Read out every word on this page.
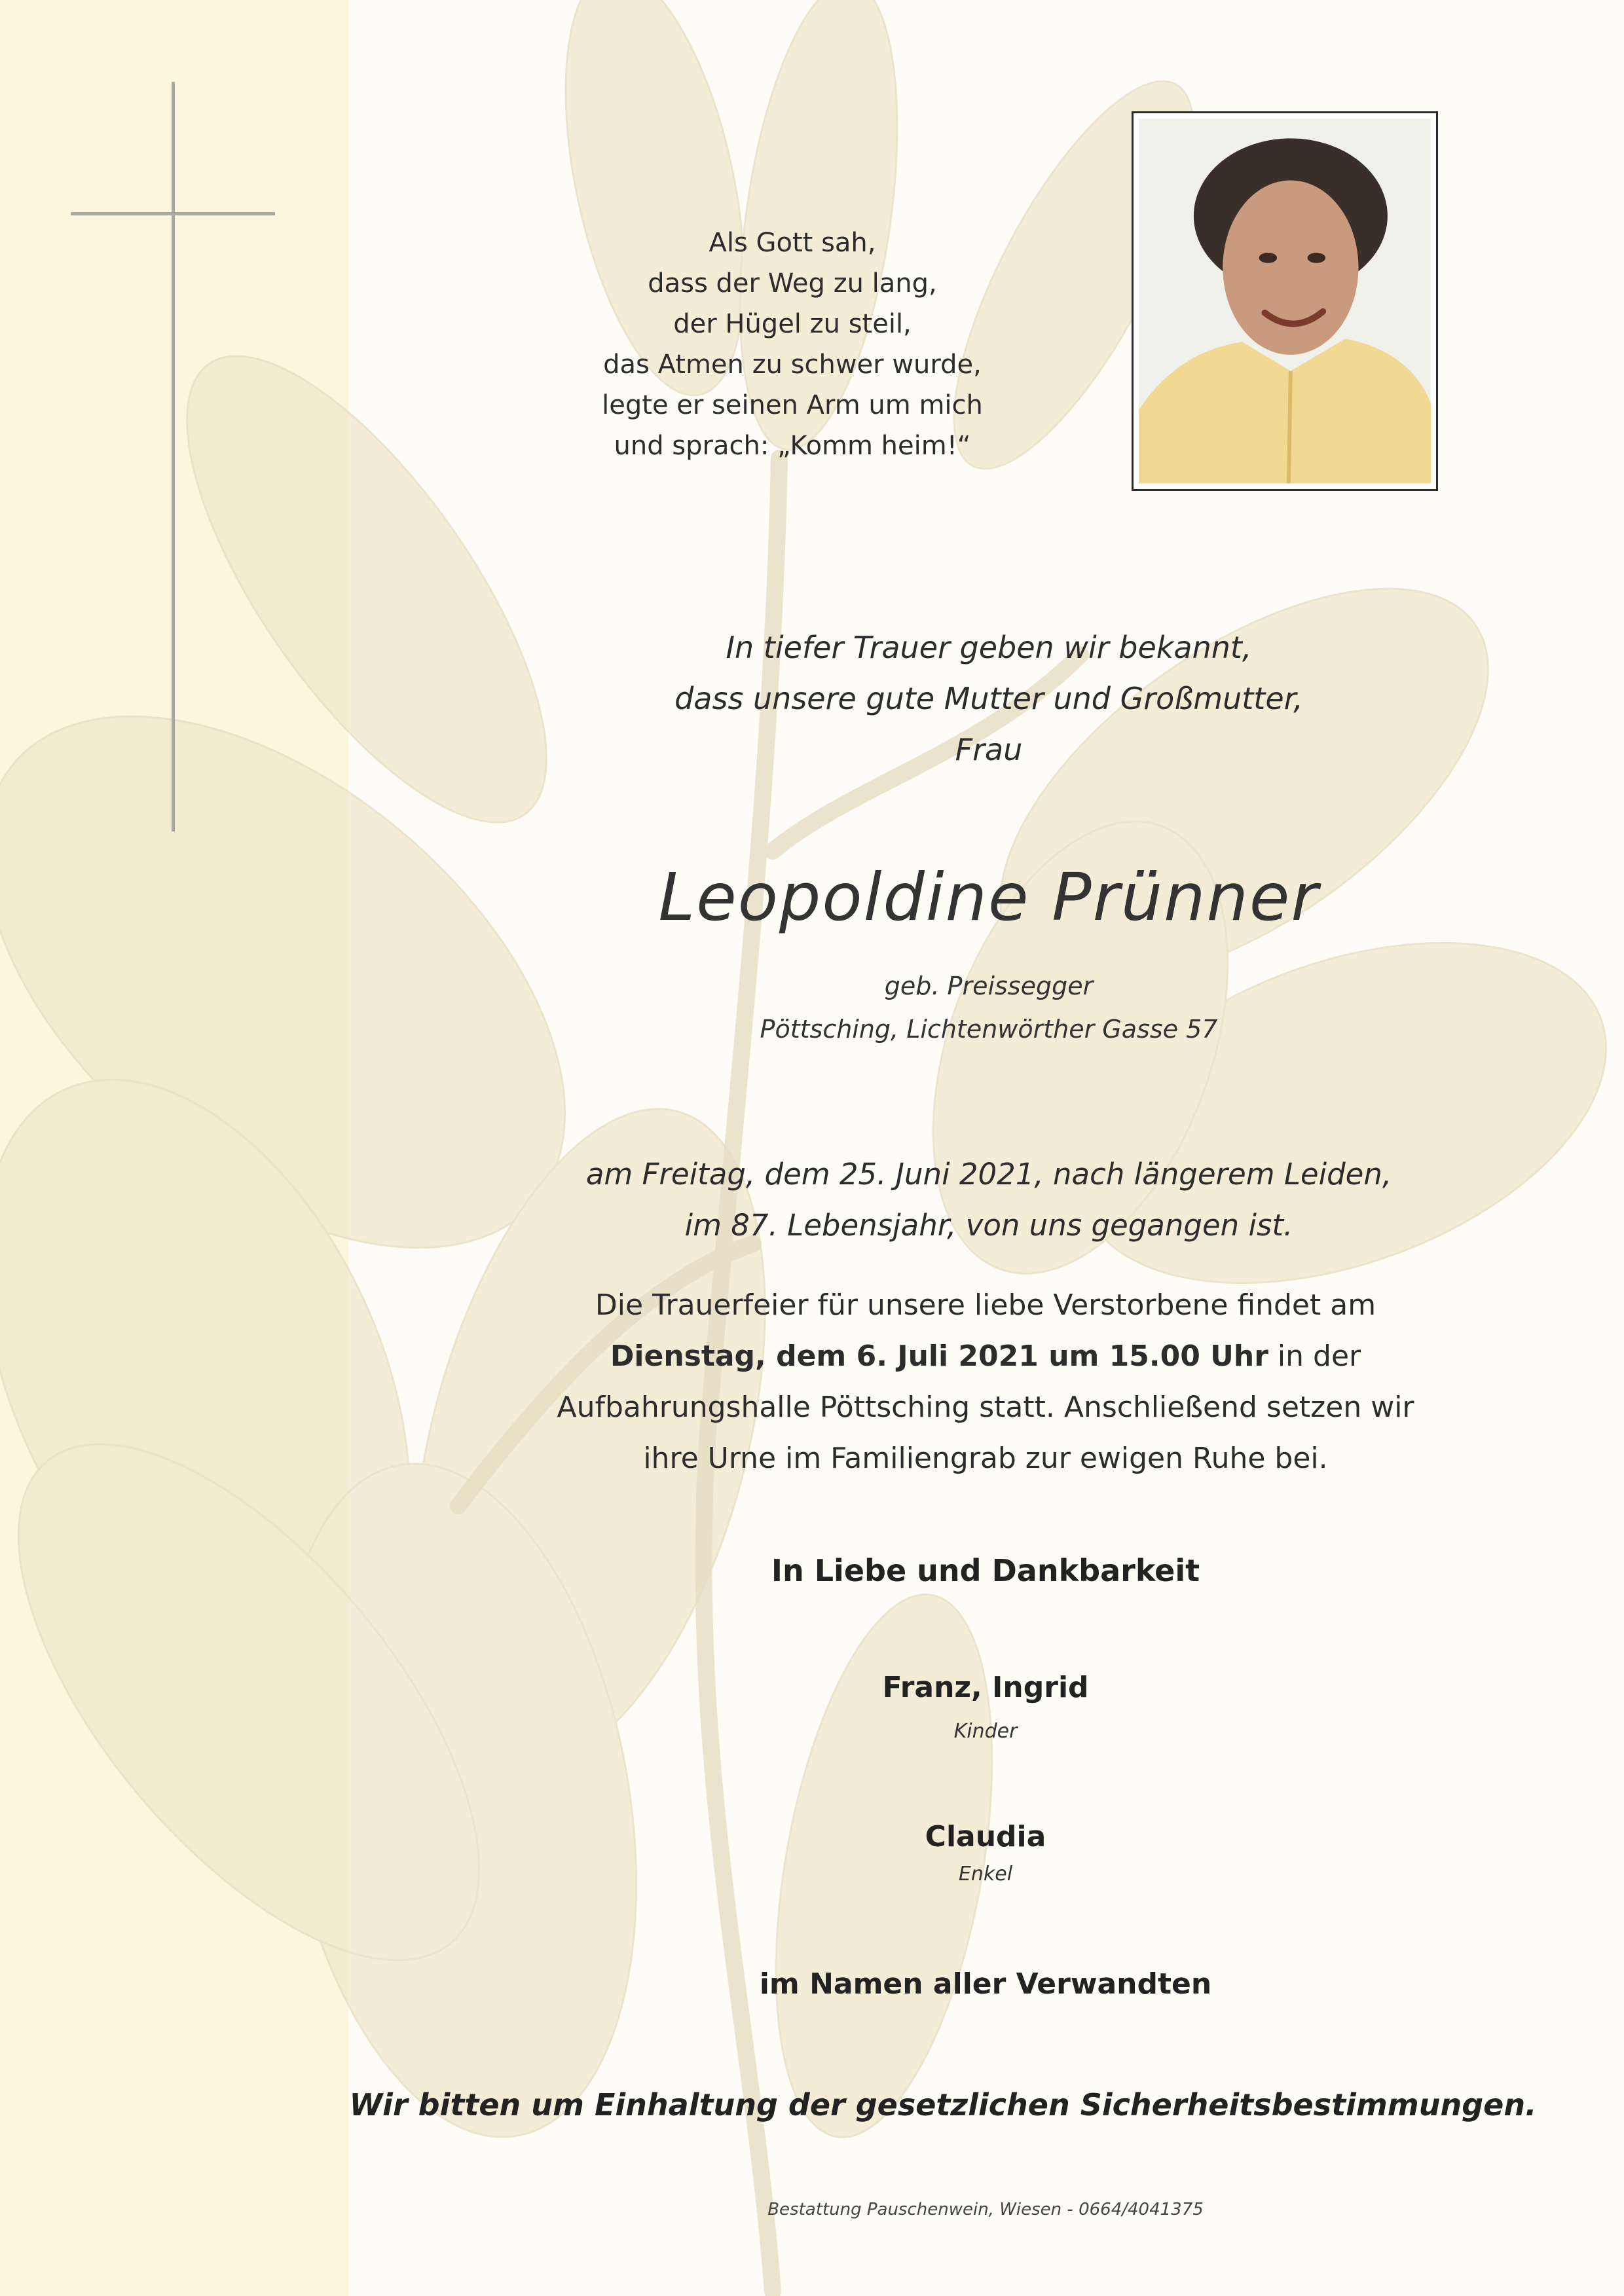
Als Gott sah,
dass der Weg zu lang,
der Hügel zu steil,
das Atmen zu schwer wurde,
legte er seinen Arm um mich
und sprach: „Komm heim!“
In tiefer Trauer geben wir bekannt,
dass unsere gute Mutter und Großmutter,
Frau
Leopoldine Prünner
geb. Preissegger
Pöttsching, Lichtenwörther Gasse 57
am Freitag, dem 25. Juni 2021, nach längerem Leiden,
im 87. Lebensjahr, von uns gegangen ist.
Die Trauerfeier für unsere liebe Verstorbene findet am
Dienstag, dem 6. Juli 2021 um 15.00 Uhr in der
Aufbahrungshalle Pöttsching statt. Anschließend setzen wir
ihre Urne im Familiengrab zur ewigen Ruhe bei.
In Liebe und Dankbarkeit
Franz, Ingrid
Kinder
Claudia
Enkel
im Namen aller Verwandten
Wir bitten um Einhaltung der gesetzlichen Sicherheitsbestimmungen.
Bestattung Pauschenwein, Wiesen - 0664/4041375
